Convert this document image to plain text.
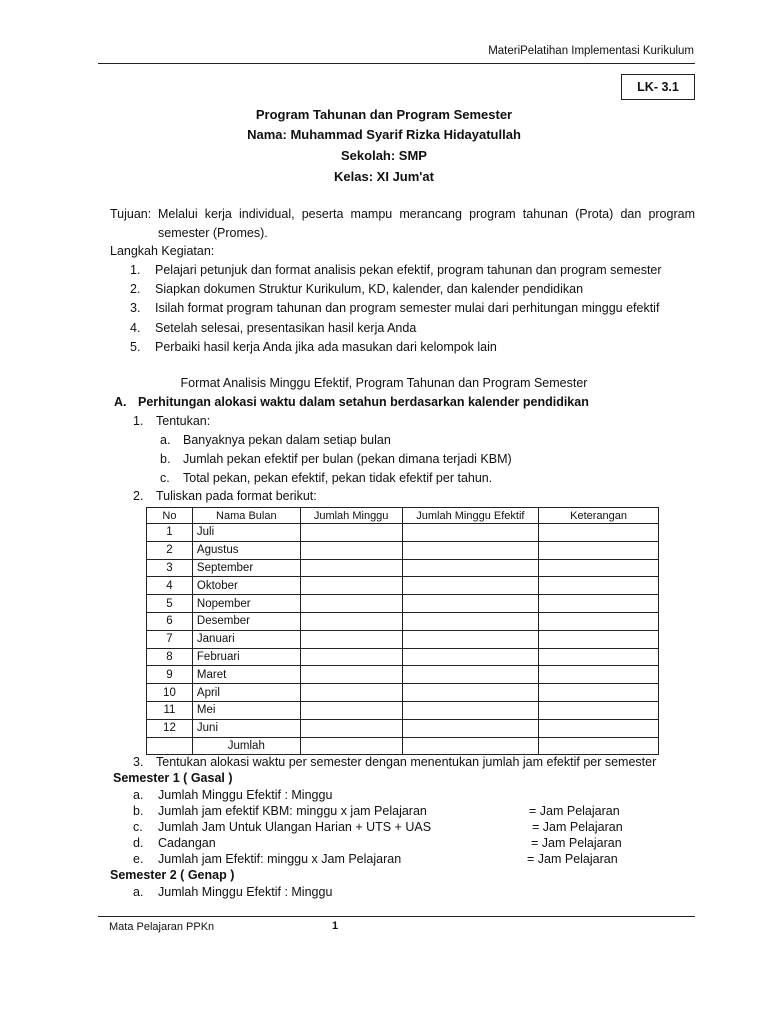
MateriPelatihan Implementasi Kurikulum
LK- 3.1
Program Tahunan dan Program Semester
Nama: Muhammad Syarif Rizka Hidayatullah
Sekolah: SMP
Kelas: XI Jum'at
Tujuan: Melalui kerja individual, peserta mampu merancang program tahunan (Prota) dan program
semester (Promes).
Langkah Kegiatan:
1.	Pelajari petunjuk dan format analisis pekan efektif, program tahunan dan program semester
2.	Siapkan dokumen Struktur Kurikulum, KD, kalender, dan kalender pendidikan
3.	Isilah format program tahunan dan program semester mulai dari perhitungan minggu efektif
4.	Setelah selesai, presentasikan hasil kerja Anda
5.	Perbaiki hasil kerja Anda jika ada masukan dari kelompok lain
Format Analisis Minggu Efektif, Program Tahunan dan Program Semester
A. Perhitungan alokasi waktu dalam setahun berdasarkan kalender pendidikan
1. Tentukan:
a.	Banyaknya pekan dalam setiap bulan
b.	Jumlah pekan efektif per bulan (pekan dimana terjadi KBM)
c.	Total pekan, pekan efektif, pekan tidak efektif per tahun.
2. Tuliskan pada format berikut:
No	Nama Bulan	Jumlah Minggu	Jumlah Minggu Efektif	Keterangan
1	Juli			
2	Agustus			
3	September			
4	Oktober			
5	Nopember			
6	Desember			
7	Januari			
8	Februari			
9	Maret			
10	April			
11	Mei			
12	Juni			
	Jumlah			
3. Tentukan alokasi waktu per semester dengan menentukan jumlah jam efektif per semester
Semester 1 ( Gasal )
a. Jumlah Minggu Efektif : Minggu
b. Jumlah jam efektif KBM: minggu x jam Pelajaran	= Jam Pelajaran
c. Jumlah Jam Untuk Ulangan Harian + UTS + UAS	= Jam Pelajaran
d. Cadangan	= Jam Pelajaran
e. Jumlah jam Efektif: minggu x Jam Pelajaran	= Jam Pelajaran
Semester 2 ( Genap )
a. Jumlah Minggu Efektif : Minggu
Mata Pelajaran PPKn	1
